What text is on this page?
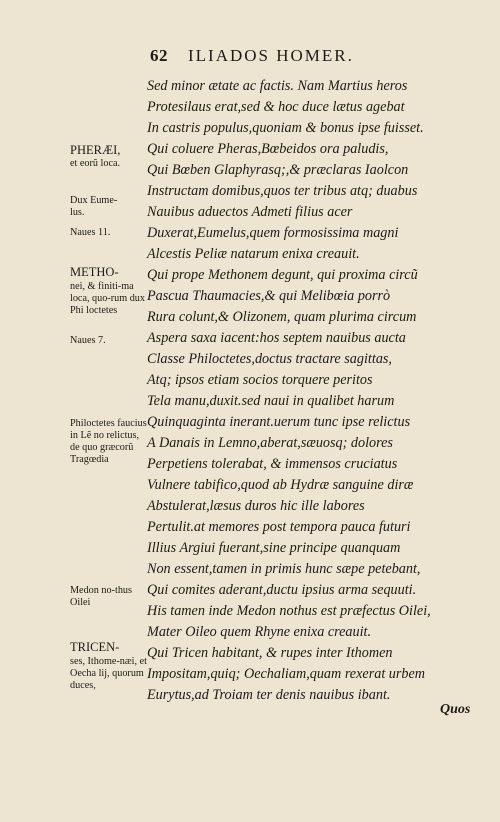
62 ILIADOS HOMER.
Sed minor ætate ac factis. Nam Martius heros
Protesilaus erat,sed & hoc duce lætus agebat
In castris populus,quoniam & bonus ipse fuisset.
Qui coluere Pheras,Bœbeidos ora paludis,
Qui Bœben Glaphyrasq;,& præclaras Iaolcon
Instructam domibus,quos ter tribus atq; duabus
Nauibus aduectos Admeti filius acer
Duxerat,Eumelus,quem formosissima magni
Alcestis Peliæ natarum enixa creauit.
Qui prope Methonem degunt, qui proxima circũ
Pascua Thaumacies,& qui Melibœia porrò
Rura colunt,& Olizonem, quam plurima circum
Aspera saxa iacent:hos septem nauibus aucta
Classe Philoctetes,doctus tractare sagittas,
Atq; ipsos etiam socios torquere peritos
Tela manu,duxit.sed naui in qualibet harum
Quinquaginta inerant.uerum tunc ipse relictus
A Danais in Lemno,aberat,sæuosq; dolores
Perpetiens tolerabat, & immensos cruciatus
Vulnere tabifico,quod ab Hydræ sanguine diræ
Abstulerat,læsus duros hic ille labores
Pertulit.at memores post tempora pauca futuri
Illius Argiui fuerant,sine principe quanquam
Non essent,tamen in primis hunc sæpe petebant,
Qui comites aderant,ductu ipsius arma sequuti.
His tamen inde Medon nothus est præfectus Oilei,
Mater Oileo quem Rhyne enixa creauit.
Qui Tricen habitant, & rupes inter Ithomen
Impositam,quiq; Oechaliam,quam rexerat urbem
Eurytus,ad Troiam ter denis nauibus ibant.
PHERÆI,
et eorũ loca.
Dux Eume-lus.
Naues 11.
METHO-
nei, & finiti-ma loca, quo-rum dux Phi loctetes
Naues 7.
Philoctetes faucius in Lẽ no relictus, de quo græcorũ Tragœdia
Medon no-thus Oilei
TRICEN-
ses, Ithome-næi, et Oecha lij, quorum duces,
Quos
